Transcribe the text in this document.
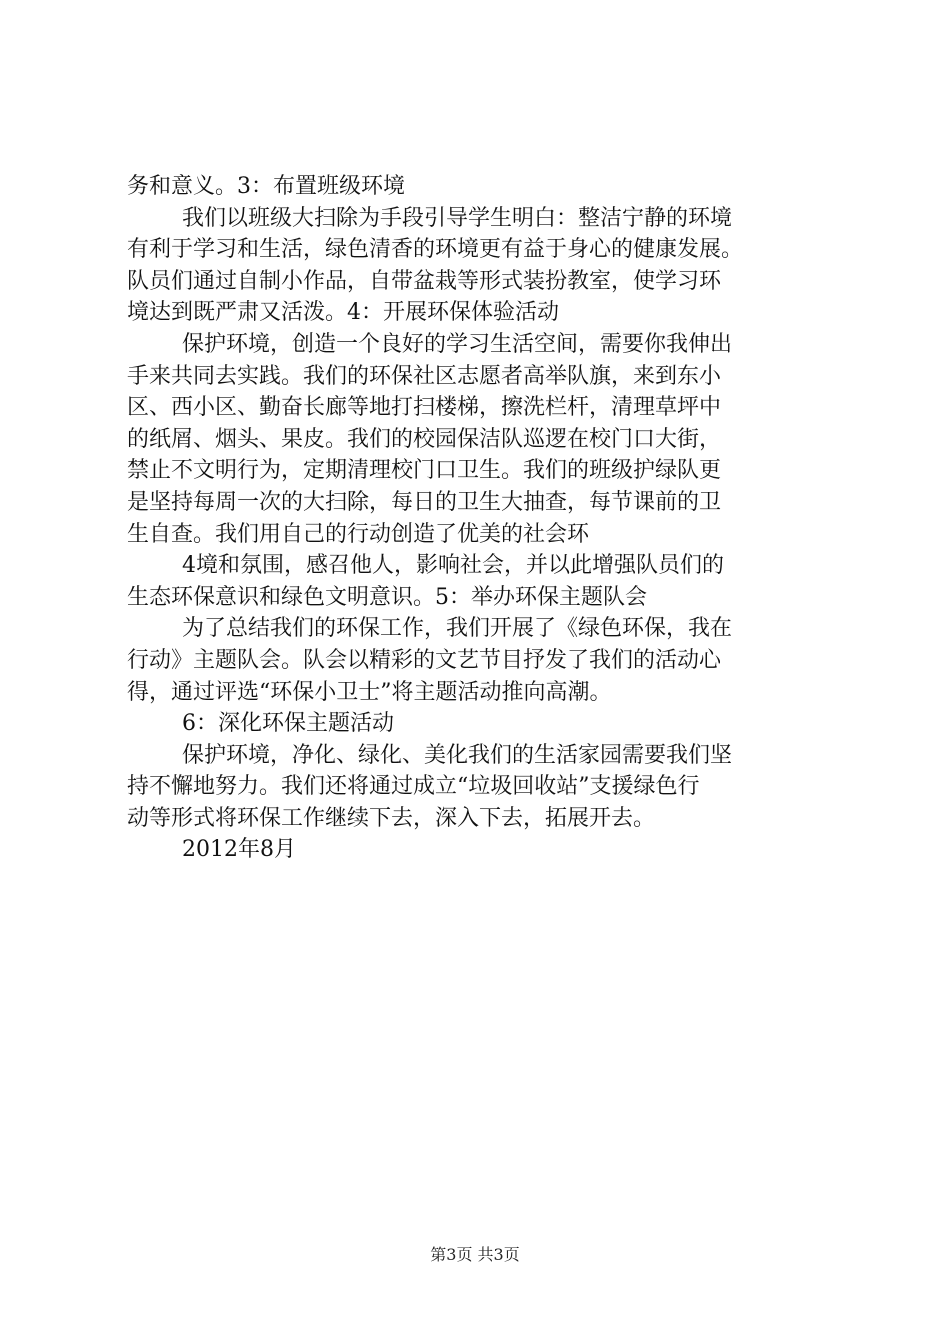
务和意义。3：布置班级环境
我们以班级大扫除为手段引导学生明白：整洁宁静的环境
有利于学习和生活，绿色清香的环境更有益于身心的健康发展。
队员们通过自制小作品，自带盆栽等形式装扮教室，使学习环
境达到既严肃又活泼。4：开展环保体验活动
保护环境，创造一个良好的学习生活空间，需要你我伸出
手来共同去实践。我们的环保社区志愿者高举队旗，来到东小
区、西小区、勤奋长廊等地打扫楼梯，擦洗栏杆，清理草坪中
的纸屑、烟头、果皮。我们的校园保洁队巡逻在校门口大街，
禁止不文明行为，定期清理校门口卫生。我们的班级护绿队更
是坚持每周一次的大扫除，每日的卫生大抽查，每节课前的卫
生自查。我们用自己的行动创造了优美的社会环
4境和氛围，感召他人，影响社会，并以此增强队员们的
生态环保意识和绿色文明意识。5：举办环保主题队会
为了总结我们的环保工作，我们开展了《绿色环保，我在
行动》主题队会。队会以精彩的文艺节目抒发了我们的活动心
得，通过评选“环保小卫士”将主题活动推向高潮。
6：深化环保主题活动
保护环境，净化、绿化、美化我们的生活家园需要我们坚
持不懈地努力。我们还将通过成立“垃圾回收站”支援绿色行
动等形式将环保工作继续下去，深入下去，拓展开去。
2012年8月
第3页 共3页
